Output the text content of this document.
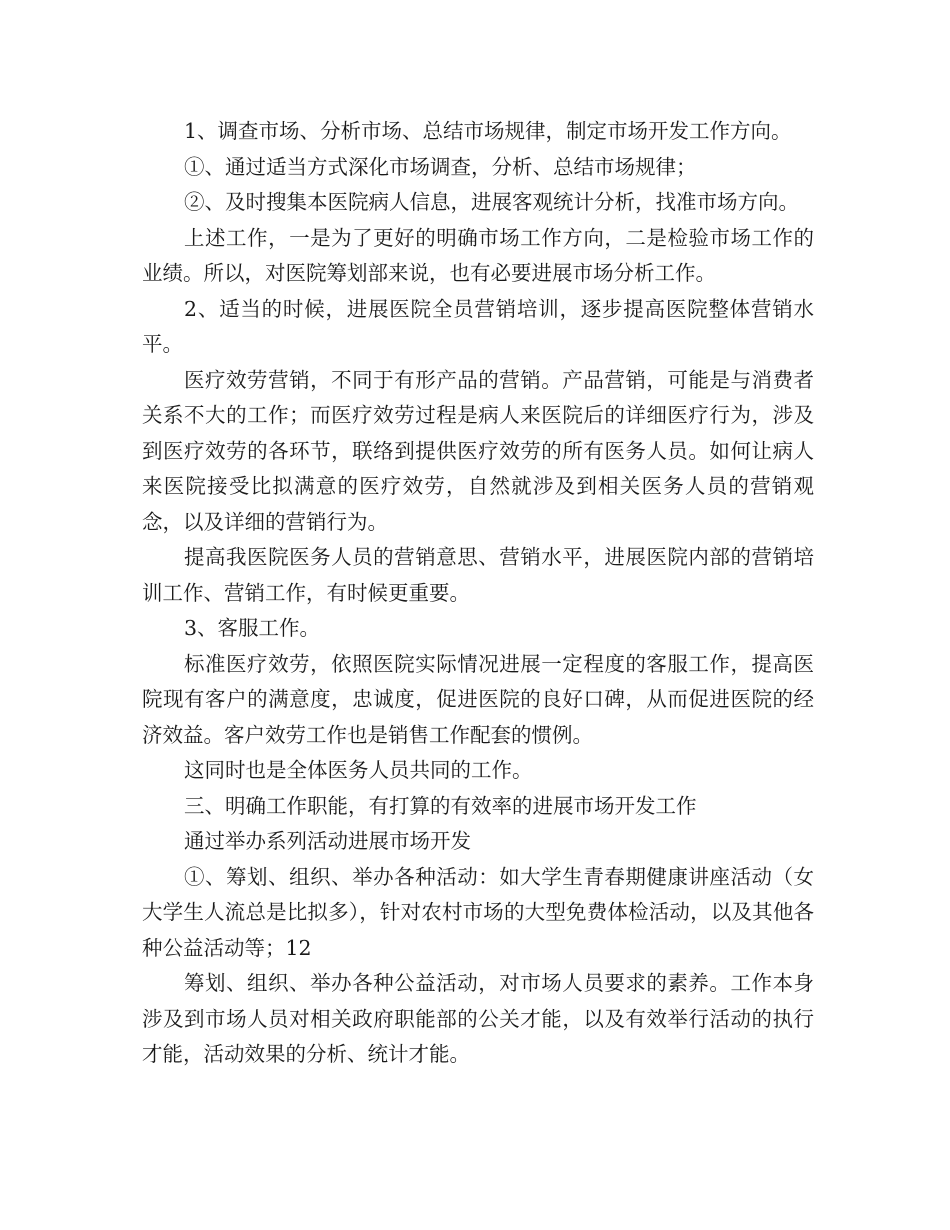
1、调查市场、分析市场、总结市场规律，制定市场开发工作方向。

①、通过适当方式深化市场调查，分析、总结市场规律；

②、及时搜集本医院病人信息，进展客观统计分析，找准市场方向。

上述工作，一是为了更好的明确市场工作方向，二是检验市场工作的业绩。所以，对医院筹划部来说，也有必要进展市场分析工作。

2、适当的时候，进展医院全员营销培训，逐步提高医院整体营销水平。

医疗效劳营销，不同于有形产品的营销。产品营销，可能是与消费者关系不大的工作；而医疗效劳过程是病人来医院后的详细医疗行为，涉及到医疗效劳的各环节，联络到提供医疗效劳的所有医务人员。如何让病人来医院接受比拟满意的医疗效劳，自然就涉及到相关医务人员的营销观念，以及详细的营销行为。

提高我医院医务人员的营销意思、营销水平，进展医院内部的营销培训工作、营销工作，有时候更重要。

3、客服工作。

标准医疗效劳，依照医院实际情况进展一定程度的客服工作，提高医院现有客户的满意度，忠诚度，促进医院的良好口碑，从而促进医院的经济效益。客户效劳工作也是销售工作配套的惯例。

这同时也是全体医务人员共同的工作。

三、明确工作职能，有打算的有效率的进展市场开发工作

通过举办系列活动进展市场开发

①、筹划、组织、举办各种活动：如大学生青春期健康讲座活动（女大学生人流总是比拟多），针对农村市场的大型免费体检活动，以及其他各种公益活动等；12

筹划、组织、举办各种公益活动，对市场人员要求的素养。工作本身涉及到市场人员对相关政府职能部的公关才能，以及有效举行活动的执行才能，活动效果的分析、统计才能。
